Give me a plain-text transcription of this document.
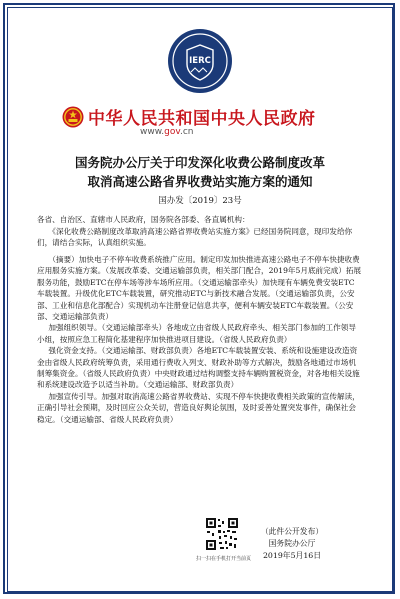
IERC
中华人民共和国中央人民政府
www.gov.cn
国务院办公厅关于印发深化收费公路制度改革
取消高速公路省界收费站实施方案的通知
国办发〔2019〕23号
各省、自治区、直辖市人民政府，国务院各部委、各直属机构：
《深化收费公路制度改革取消高速公路省界收费站实施方案》已经国务院同意，现印发给你们，请结合实际，认真组织实施。

（摘要）加快电子不停车收费系统推广应用。制定印发加快推进高速公路电子不停车快捷收费应用服务实施方案。（发展改革委、交通运输部负责，相关部门配合，2019年5月底前完成）拓展服务功能，鼓励ETC在停车场等涉车场所应用。（交通运输部牵头）加快现有车辆免费安装ETC车载装置。升级优化ETC车载装置，研究推动ETC与新技术融合发展。（交通运输部负责，公安部、工业和信息化部配合）实现机动车注册登记信息共享，便利车辆安装ETC车载装置。（公安部、交通运输部负责）

加强组织领导。（交通运输部牵头）各地成立由省级人民政府牵头、相关部门参加的工作领导小组，按照应急工程简化基建程序加快推进项目建设。（省级人民政府负责）

强化资金支持。（交通运输部、财政部负责）各地ETC车载装置安装、系统和设施建设改造资金由省级人民政府统筹负责，采用通行费收入列支、财政补助等方式解决，鼓励各地通过市场机制筹集资金。（省级人民政府负责）中央财政通过结构调整支持车辆购置税资金，对各地相关设施和系统建设改造予以适当补助。（交通运输部、财政部负责）

加强宣传引导。加强对取消高速公路省界收费站、实现不停车快捷收费相关政策的宣传解读，正确引导社会预期，及时回应公众关切，营造良好舆论氛围，及时妥善处置突发事件，确保社会稳定。（交通运输部、省级人民政府负责）

扫一扫在手机打开当前页
（此件公开发布）
国务院办公厅
2019年5月16日
